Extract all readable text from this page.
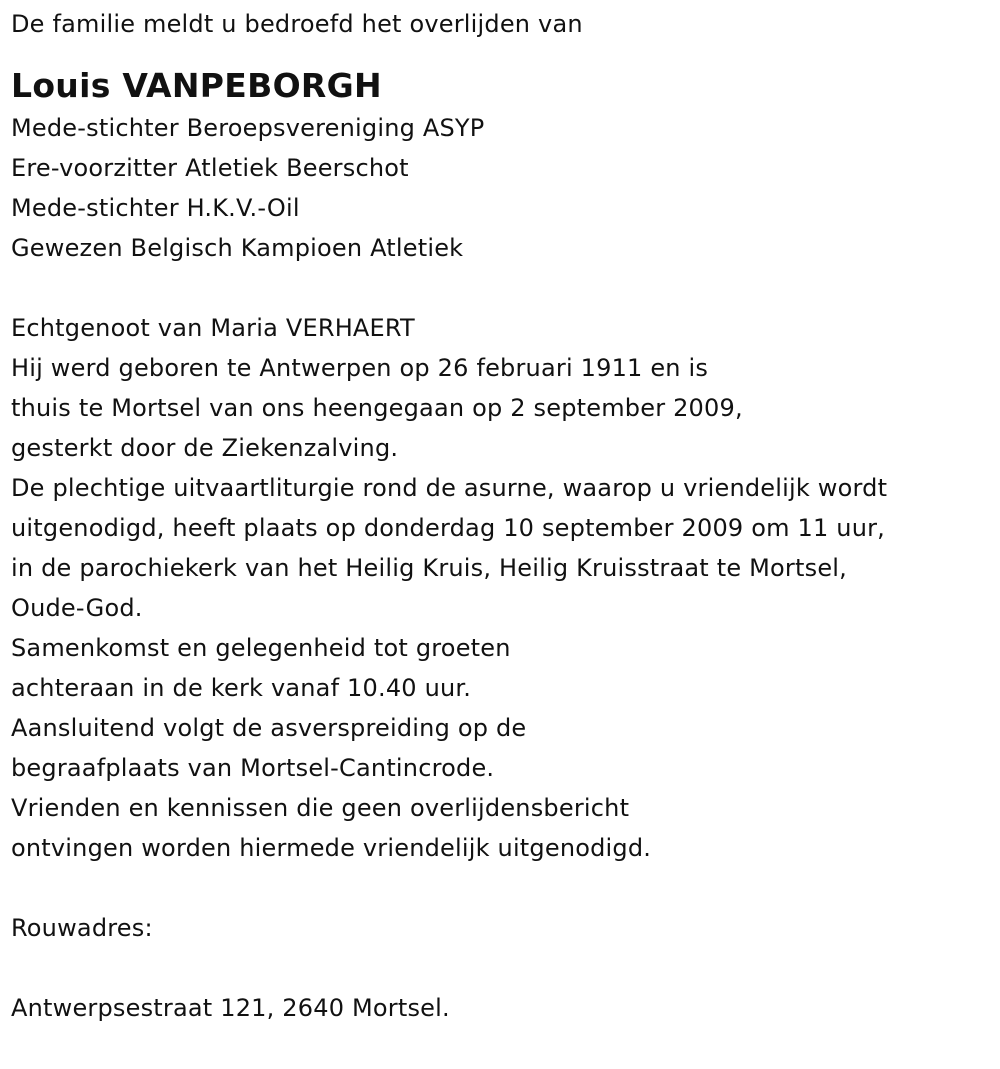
De familie meldt u bedroefd het overlijden van
Louis VANPEBORGH
Mede-stichter Beroepsvereniging ASYP
Ere-voorzitter Atletiek Beerschot
Mede-stichter H.K.V.-Oil
Gewezen Belgisch Kampioen Atletiek
Echtgenoot van Maria VERHAERT
Hij werd geboren te Antwerpen op 26 februari 1911 en is
thuis te Mortsel van ons heengegaan op 2 september 2009,
gesterkt door de Ziekenzalving.
De plechtige uitvaartliturgie rond de asurne, waarop u vriendelijk wordt
uitgenodigd, heeft plaats op donderdag 10 september 2009 om 11 uur,
in de parochiekerk van het Heilig Kruis, Heilig Kruisstraat te Mortsel,
Oude-God.
Samenkomst en gelegenheid tot groeten
achteraan in de kerk vanaf 10.40 uur.
Aansluitend volgt de asverspreiding op de
begraafplaats van Mortsel-Cantincrode.
Vrienden en kennissen die geen overlijdensbericht
ontvingen worden hiermede vriendelijk uitgenodigd.
Rouwadres:
Antwerpsestraat 121, 2640 Mortsel.
